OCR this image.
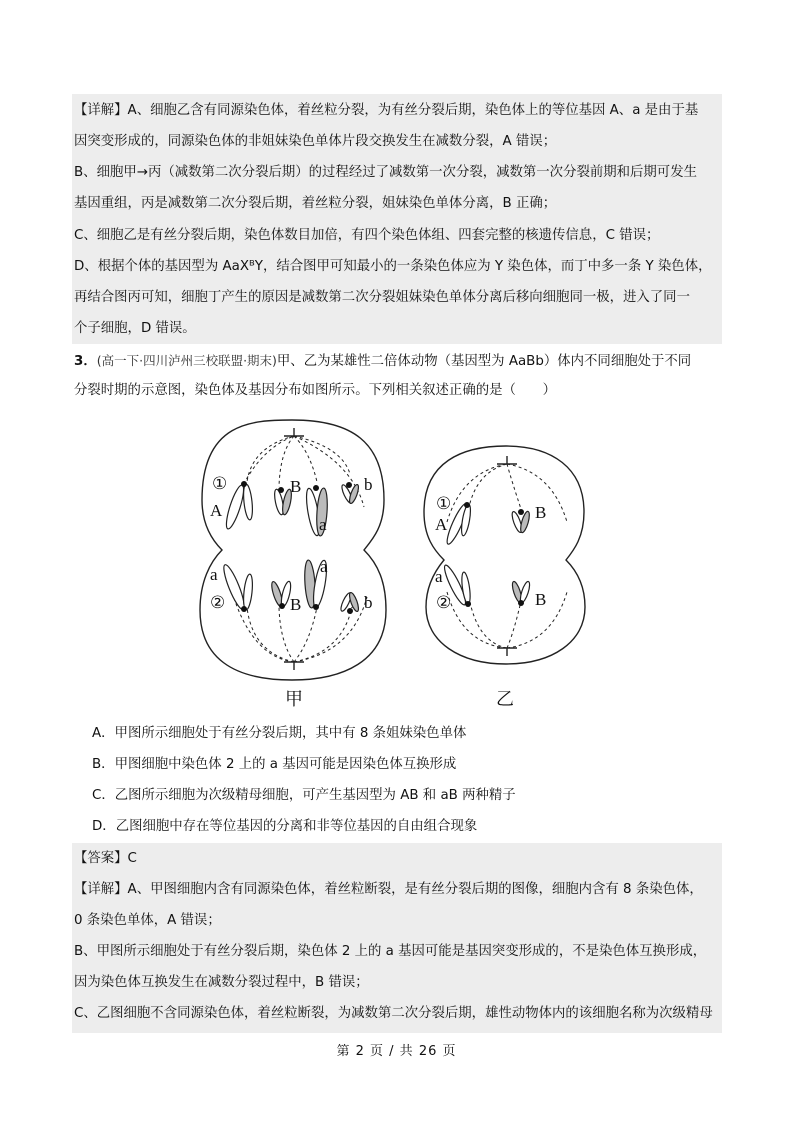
【详解】A、细胞乙含有同源染色体，着丝粒分裂，为有丝分裂后期，染色体上的等位基因 A、a 是由于基
因突变形成的，同源染色体的非姐妹染色单体片段交换发生在减数分裂，A 错误；
B、细胞甲→丙（减数第二次分裂后期）的过程经过了减数第一次分裂，减数第一次分裂前期和后期可发生
基因重组，丙是减数第二次分裂后期，着丝粒分裂，姐妹染色单体分离，B 正确；
C、细胞乙是有丝分裂后期，染色体数目加倍，有四个染色体组、四套完整的核遗传信息，C 错误；
D、根据个体的基因型为 AaXᴮY，结合图甲可知最小的一条染色体应为 Y 染色体，而丁中多一条 Y 染色体，
再结合图丙可知，细胞丁产生的原因是减数第二次分裂姐妹染色单体分离后移向细胞同一极，进入了同一
个子细胞，D 错误。
3．(高一下·四川泸州三校联盟·期末)甲、乙为某雄性二倍体动物（基因型为 AaBb）体内不同细胞处于不同
分裂时期的示意图，染色体及基因分布如图所示。下列相关叙述正确的是（　　）
①
A
B
a
b
a
②	B
a
b
①
A
B
a
②	B
甲	乙
A．甲图所示细胞处于有丝分裂后期，其中有 8 条姐妹染色单体
B．甲图细胞中染色体 2 上的 a 基因可能是因染色体互换形成
C．乙图所示细胞为次级精母细胞，可产生基因型为 AB 和 aB 两种精子
D．乙图细胞中存在等位基因的分离和非等位基因的自由组合现象
【答案】C
【详解】A、甲图细胞内含有同源染色体，着丝粒断裂，是有丝分裂后期的图像，细胞内含有 8 条染色体，
0 条染色单体，A 错误；
B、甲图所示细胞处于有丝分裂后期，染色体 2 上的 a 基因可能是基因突变形成的，不是染色体互换形成，
因为染色体互换发生在减数分裂过程中，B 错误；
C、乙图细胞不含同源染色体，着丝粒断裂，为减数第二次分裂后期，雄性动物体内的该细胞名称为次级精母
第 2 页 / 共 26 页
